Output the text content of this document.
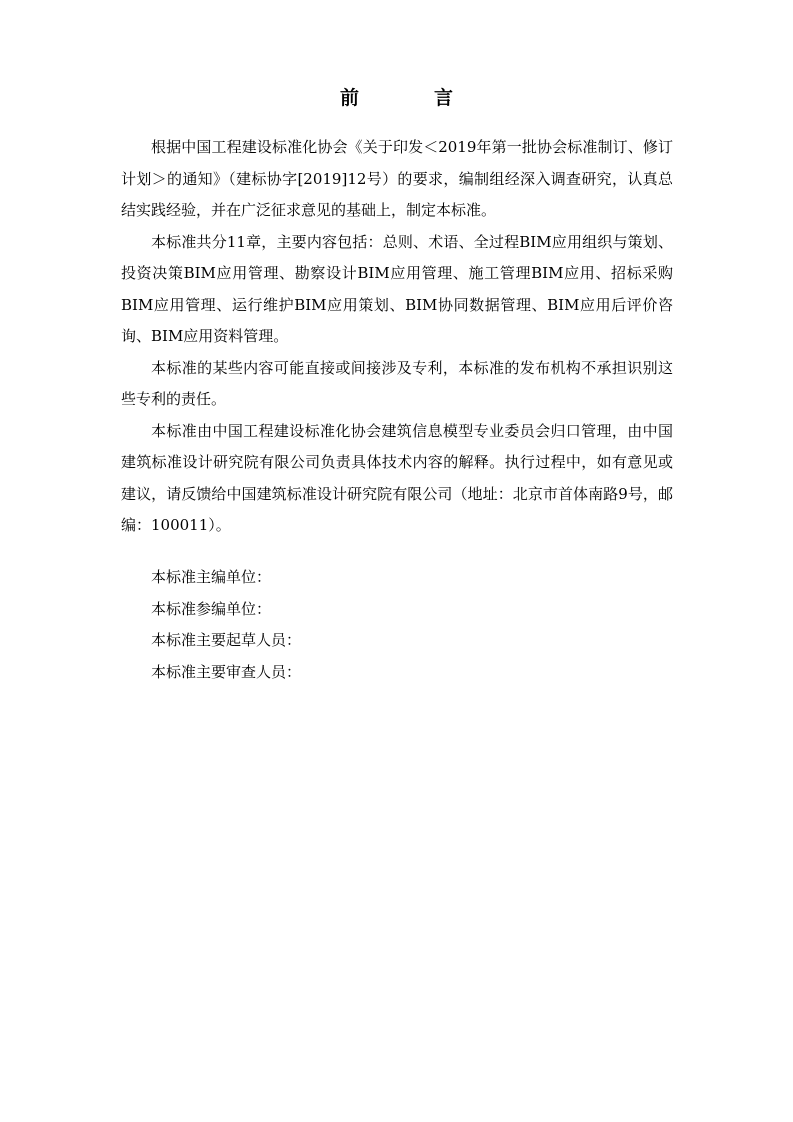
前　言

根据中国工程建设标准化协会《关于印发＜2019年第一批协会标准制订、修订计划＞的通知》（建标协字[2019]12号）的要求，编制组经深入调查研究，认真总结实践经验，并在广泛征求意见的基础上，制定本标准。

本标准共分11章，主要内容包括：总则、术语、全过程BIM应用组织与策划、投资决策BIM应用管理、勘察设计BIM应用管理、施工管理BIM应用、招标采购BIM应用管理、运行维护BIM应用策划、BIM协同数据管理、BIM应用后评价咨询、BIM应用资料管理。

本标准的某些内容可能直接或间接涉及专利，本标准的发布机构不承担识别这些专利的责任。

本标准由中国工程建设标准化协会建筑信息模型专业委员会归口管理，由中国建筑标准设计研究院有限公司负责具体技术内容的解释。执行过程中，如有意见或建议，请反馈给中国建筑标准设计研究院有限公司（地址：北京市首体南路9号，邮编：100011）。

本标准主编单位：
本标准参编单位：
本标准主要起草人员：
本标准主要审查人员：
